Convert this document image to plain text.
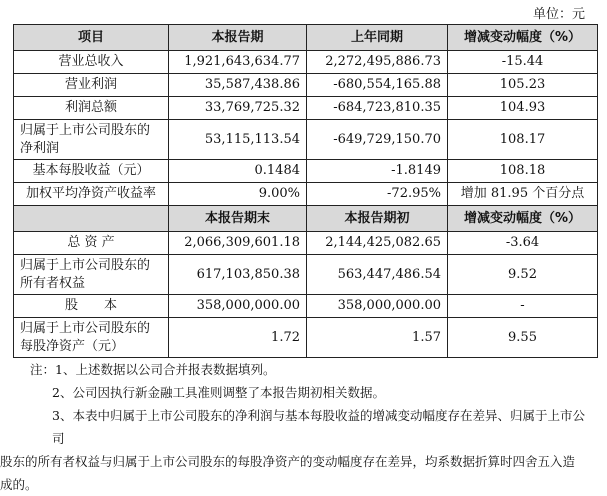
单位：元
项目	本报告期	上年同期	增减变动幅度（%）
营业总收入	1,921,643,634.77	2,272,495,886.73	-15.44
营业利润	35,587,438.86	-680,554,165.88	105.23
利润总额	33,769,725.32	-684,723,810.35	104.93
归属于上市公司股东的净利润	53,115,113.54	-649,729,150.70	108.17
基本每股收益（元）	0.1484	-1.8149	108.18
加权平均净资产收益率	9.00%	-72.95%	增加 81.95 个百分点
	本报告期末	本报告期初	增减变动幅度（%）
总 资 产	2,066,309,601.18	2,144,425,082.65	-3.64
归属于上市公司股东的所有者权益	617,103,850.38	563,447,486.54	9.52
股　　本	358,000,000.00	358,000,000.00	-
归属于上市公司股东的每股净资产（元）	1.72	1.57	9.55

注：1、上述数据以公司合并报表数据填列。

2、公司因执行新金融工具准则调整了本报告期初相关数据。

3、本表中归属于上市公司股东的净利润与基本每股收益的增减变动幅度存在差异、归属于上市公司

股东的所有者权益与归属于上市公司股东的每股净资产的变动幅度存在差异，均系数据折算时四舍五入造

成的。
